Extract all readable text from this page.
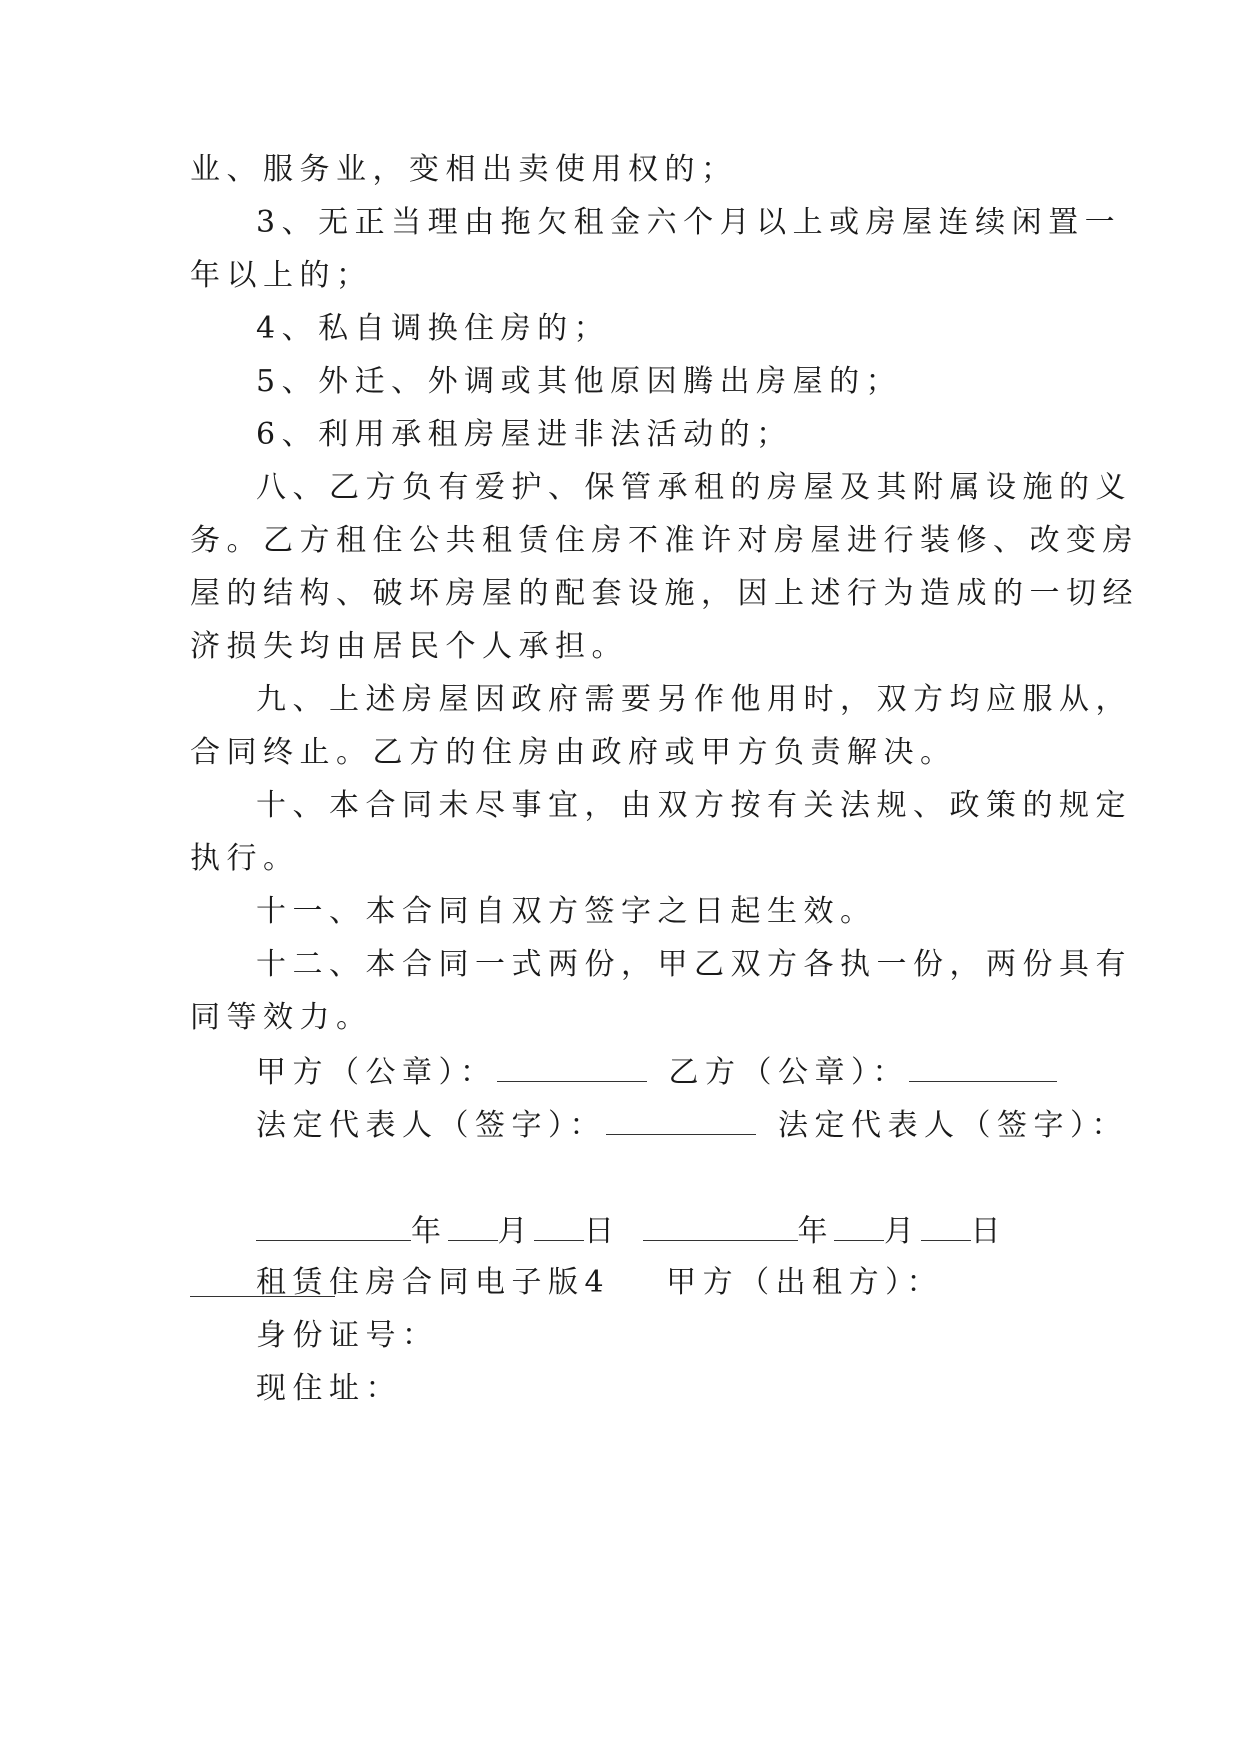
业、服务业，变相出卖使用权的；
3、无正当理由拖欠租金六个月以上或房屋连续闲置一
年以上的；
4、私自调换住房的；
5、外迁、外调或其他原因腾出房屋的；
6、利用承租房屋进非法活动的；
八、乙方负有爱护、保管承租的房屋及其附属设施的义
务。乙方租住公共租赁住房不准许对房屋进行装修、改变房
屋的结构、破坏房屋的配套设施，因上述行为造成的一切经
济损失均由居民个人承担。
九、上述房屋因政府需要另作他用时，双方均应服从，
合同终止。乙方的住房由政府或甲方负责解决。
十、本合同未尽事宜，由双方按有关法规、政策的规定
执行。
十一、本合同自双方签字之日起生效。
十二、本合同一式两份，甲乙双方各执一份，两份具有
同等效力。
甲方（公章）：	乙方（公章）：
法定代表人（签字）：	法定代表人（签字）：
年 月 日	年 月 日
租赁住房合同电子版4 甲方（出租方）：
身份证号：
现住址：
